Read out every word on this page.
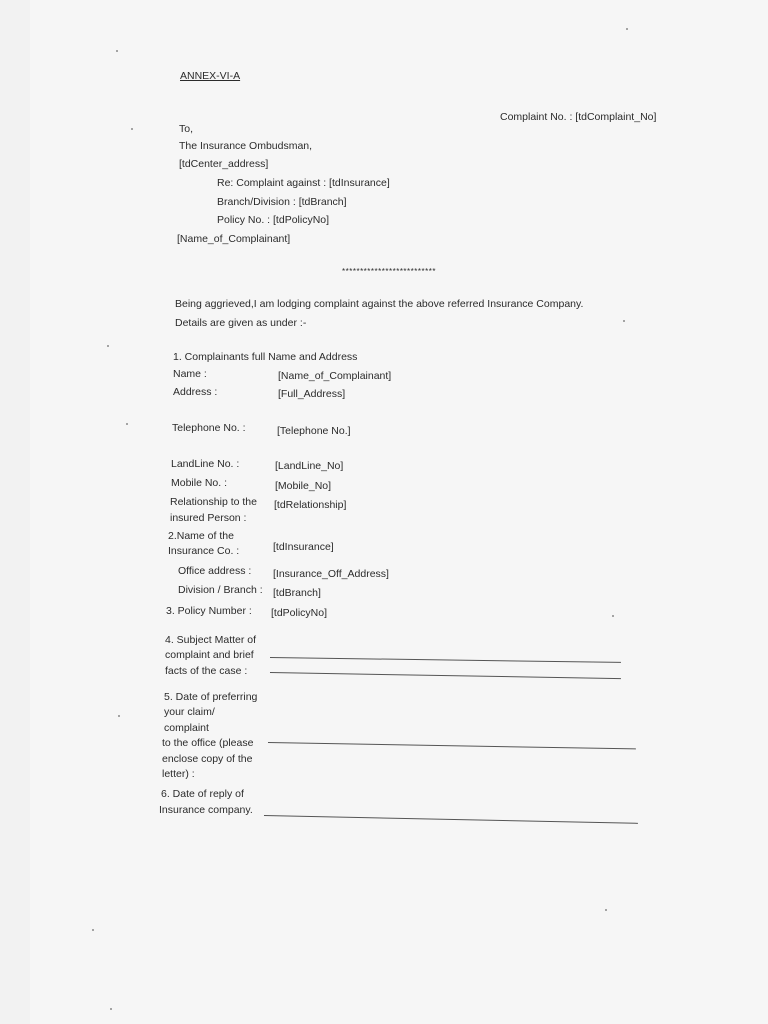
ANNEX-VI-A
Complaint No. : [tdComplaint_No]
To,
The Insurance Ombudsman,
[tdCenter_address]
Re: Complaint against : [tdInsurance]
Branch/Division : [tdBranch]
Policy No. : [tdPolicyNo]
[Name_of_Complainant]
**************************
Being aggrieved,I am lodging complaint against the above referred Insurance Company.
Details are given as under :-
1. Complainants full Name and Address
Name :	[Name_of_Complainant]
Address :	[Full_Address]
Telephone No. :	[Telephone No.]
LandLine No. :	[LandLine_No]
Mobile No. :	[Mobile_No]
Relationship to the
insured Person :
[tdRelationship]
2.Name of the
Insurance Co. :	[tdInsurance]
Office address : [Insurance_Off_Address]
Division / Branch : [tdBranch]
3. Policy Number : [tdPolicyNo]
4. Subject Matter of
complaint and brief
facts of the case :
5. Date of preferring
your claim/
complaint
to the office (please
enclose copy of the
letter) :
6. Date of reply of
Insurance company.
